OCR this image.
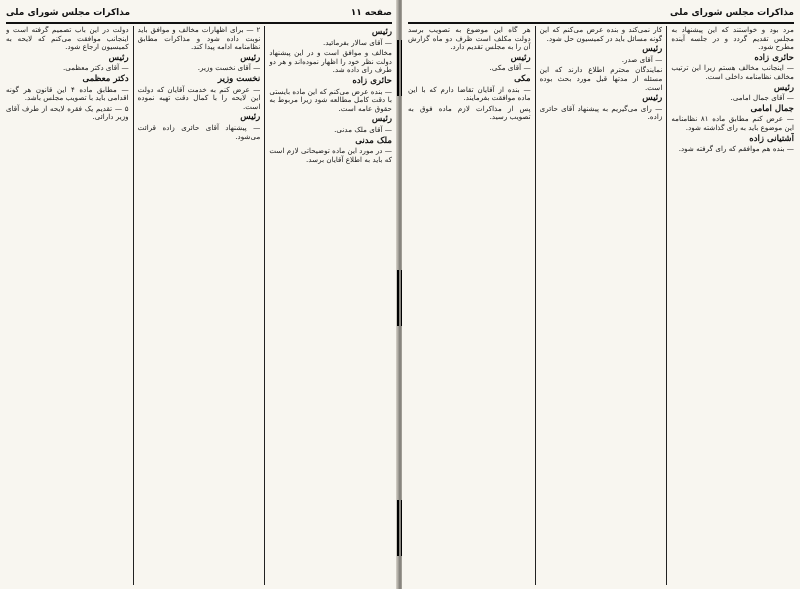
صفحه ۱۱
مذاکرات مجلس شورای ملی

رئیس
— آقای سالار بفرمائید.

مخالف و موافق است و در این پیشنهاد دولت نظر خود را اظهار نموده‌اند و هر دو طرف رای داده شد.

حائری زاده
— بنده عرض می‌کنم که این ماده بایستی با دقت کامل مطالعه شود زیرا مربوط به حقوق عامه است.

رئیس
— آقای ملک مدنی.

ملک مدنی
— در مورد این ماده توضیحاتی لازم است که باید به اطلاع آقایان برسد.

۲ — برای اظهارات مخالف و موافق باید نوبت داده شود و مذاکرات مطابق نظامنامه ادامه پیدا کند.

رئیس
— آقای نخست وزیر.

نخست وزیر
— عرض کنم به خدمت آقایان که دولت این لایحه را با کمال دقت تهیه نموده است.

رئیس
— پیشنهاد آقای حائری زاده قرائت می‌شود.

دولت در این باب تصمیم گرفته است و اینجانب موافقت می‌کنم که لایحه به کمیسیون ارجاع شود.

رئیس
— آقای دکتر معظمی.

دکتر معظمی
— مطابق ماده ۴ این قانون هر گونه اقدامی باید با تصویب مجلس باشد.

۵ — تقدیم یک فقره لایحه از طرف آقای وزیر دارائی.

مذاکرات مجلس شورای ملی

مرد بود و خواستند که این پیشنهاد به مجلس تقدیم گردد و در جلسه آینده مطرح شود.

حائری زاده
— اینجانب مخالف هستم زیرا این ترتیب مخالف نظامنامه داخلی است.

رئیس
— آقای جمال امامی.

جمال امامی
— عرض کنم مطابق ماده ۸۱ نظامنامه این موضوع باید به رای گذاشته شود.

آشتیانی زاده
— بنده هم موافقم که رای گرفته شود.

کار نمی‌کند و بنده عرض می‌کنم که این گونه مسائل باید در کمیسیون حل شود.

رئیس
— آقای صدر.

نمایندگان محترم اطلاع دارند که این مسئله از مدتها قبل مورد بحث بوده است.

رئیس
— رای می‌گیریم به پیشنهاد آقای حائری زاده.

هر گاه این موضوع به تصویب برسد دولت مکلف است ظرف دو ماه گزارش آن را به مجلس تقدیم دارد.

رئیس
— آقای مکی.

مکی
— بنده از آقایان تقاضا دارم که با این ماده موافقت بفرمایند.

پس از مذاکرات لازم ماده فوق به تصویب رسید.
